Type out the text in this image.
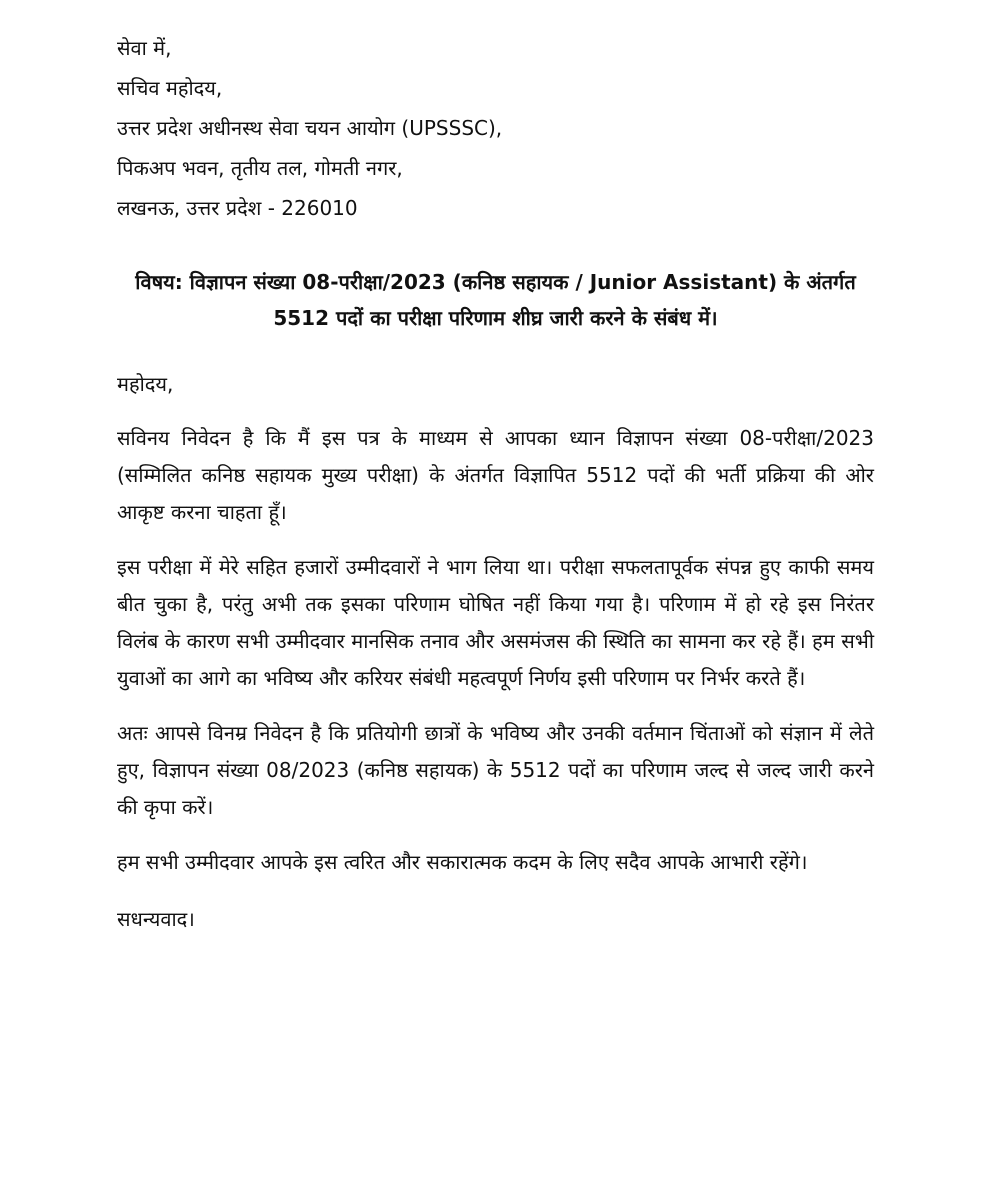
सेवा में,
सचिव महोदय,
उत्तर प्रदेश अधीनस्थ सेवा चयन आयोग (UPSSSC),
पिकअप भवन, तृतीय तल, गोमती नगर,
लखनऊ, उत्तर प्रदेश - 226010
विषय: विज्ञापन संख्या 08-परीक्षा/2023 (कनिष्ठ सहायक / Junior Assistant) के अंतर्गत 5512 पदों का परीक्षा परिणाम शीघ्र जारी करने के संबंध में।
महोदय,
सविनय निवेदन है कि मैं इस पत्र के माध्यम से आपका ध्यान विज्ञापन संख्या 08-परीक्षा/2023 (सम्मिलित कनिष्ठ सहायक मुख्य परीक्षा) के अंतर्गत विज्ञापित 5512 पदों की भर्ती प्रक्रिया की ओर आकृष्ट करना चाहता हूँ।
इस परीक्षा में मेरे सहित हजारों उम्मीदवारों ने भाग लिया था। परीक्षा सफलतापूर्वक संपन्न हुए काफी समय बीत चुका है, परंतु अभी तक इसका परिणाम घोषित नहीं किया गया है। परिणाम में हो रहे इस निरंतर विलंब के कारण सभी उम्मीदवार मानसिक तनाव और असमंजस की स्थिति का सामना कर रहे हैं। हम सभी युवाओं का आगे का भविष्य और करियर संबंधी महत्वपूर्ण निर्णय इसी परिणाम पर निर्भर करते हैं।
अतः आपसे विनम्र निवेदन है कि प्रतियोगी छात्रों के भविष्य और उनकी वर्तमान चिंताओं को संज्ञान में लेते हुए, विज्ञापन संख्या 08/2023 (कनिष्ठ सहायक) के 5512 पदों का परिणाम जल्द से जल्द जारी करने की कृपा करें।
हम सभी उम्मीदवार आपके इस त्वरित और सकारात्मक कदम के लिए सदैव आपके आभारी रहेंगे।
सधन्यवाद।
